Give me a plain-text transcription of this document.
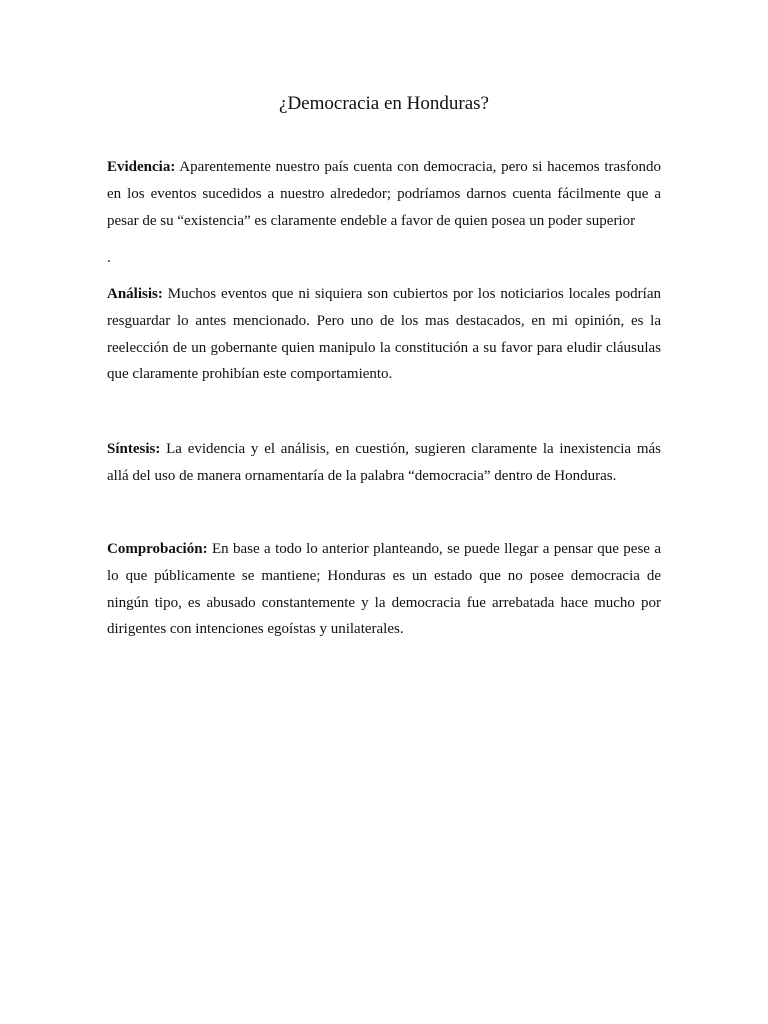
¿Democracia en Honduras?

Evidencia: Aparentemente nuestro país cuenta con democracia, pero si hacemos trasfondo en los eventos sucedidos a nuestro alrededor; podríamos darnos cuenta fácilmente que a pesar de su “existencia” es claramente endeble a favor de quien posea un poder superior

.

Análisis: Muchos eventos que ni siquiera son cubiertos por los noticiarios locales podrían resguardar lo antes mencionado. Pero uno de los mas destacados, en mi opinión, es la reelección de un gobernante quien manipulo la constitución a su favor para eludir cláusulas que claramente prohibían este comportamiento.

Síntesis: La evidencia y el análisis, en cuestión, sugieren claramente la inexistencia más allá del uso de manera ornamentaría de la palabra “democracia” dentro de Honduras.

Comprobación: En base a todo lo anterior planteando, se puede llegar a pensar que pese a lo que públicamente se mantiene; Honduras es un estado que no posee democracia de ningún tipo, es abusado constantemente y la democracia fue arrebatada hace mucho por dirigentes con intenciones egoístas y unilaterales.
